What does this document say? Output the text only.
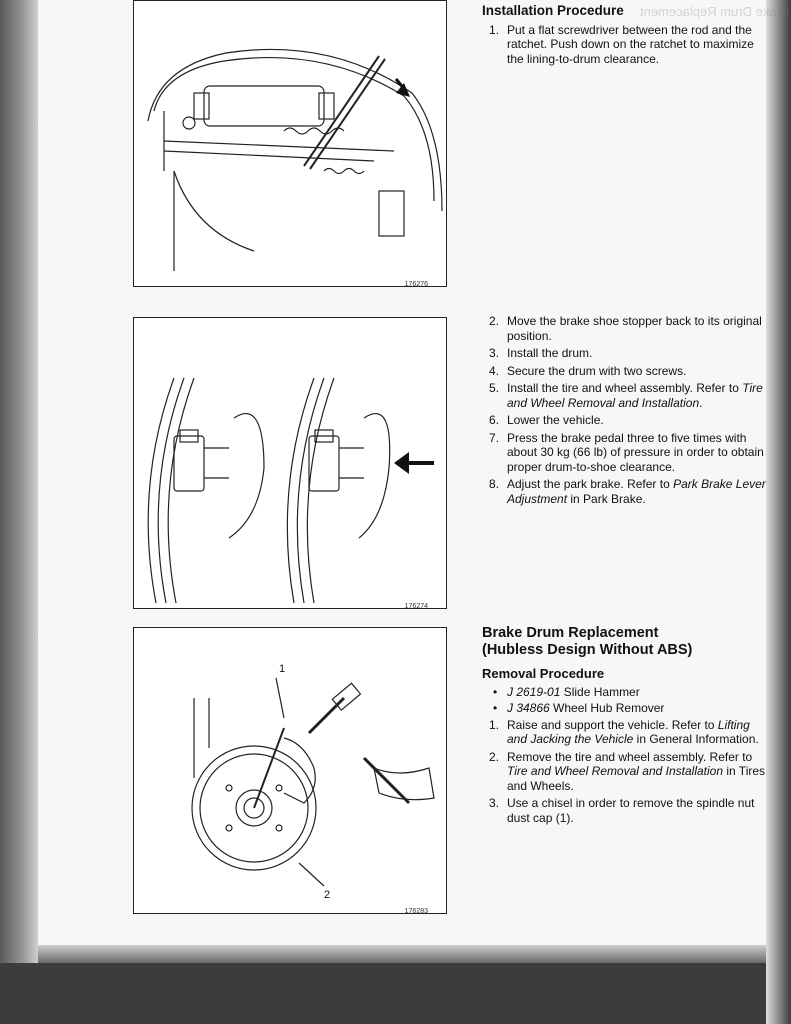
Brake Drum Replacement
176276
176274
1
2
176283
Installation Procedure
1. Put a flat screwdriver between the rod and the ratchet. Push down on the ratchet to maximize the lining-to-drum clearance.
2. Move the brake shoe stopper back to its original position.
3. Install the drum.
4. Secure the drum with two screws.
5. Install the tire and wheel assembly. Refer to Tire and Wheel Removal and Installation.
6. Lower the vehicle.
7. Press the brake pedal three to five times with about 30 kg (66 lb) of pressure in order to obtain proper drum-to-shoe clearance.
8. Adjust the park brake. Refer to Park Brake Lever Adjustment in Park Brake.
Brake Drum Replacement
(Hubless Design Without ABS)
Removal Procedure
• J 2619-01 Slide Hammer
• J 34866 Wheel Hub Remover
1. Raise and support the vehicle. Refer to Lifting and Jacking the Vehicle in General Information.
2. Remove the tire and wheel assembly. Refer to Tire and Wheel Removal and Installation in Tires and Wheels.
3. Use a chisel in order to remove the spindle nut dust cap (1).
